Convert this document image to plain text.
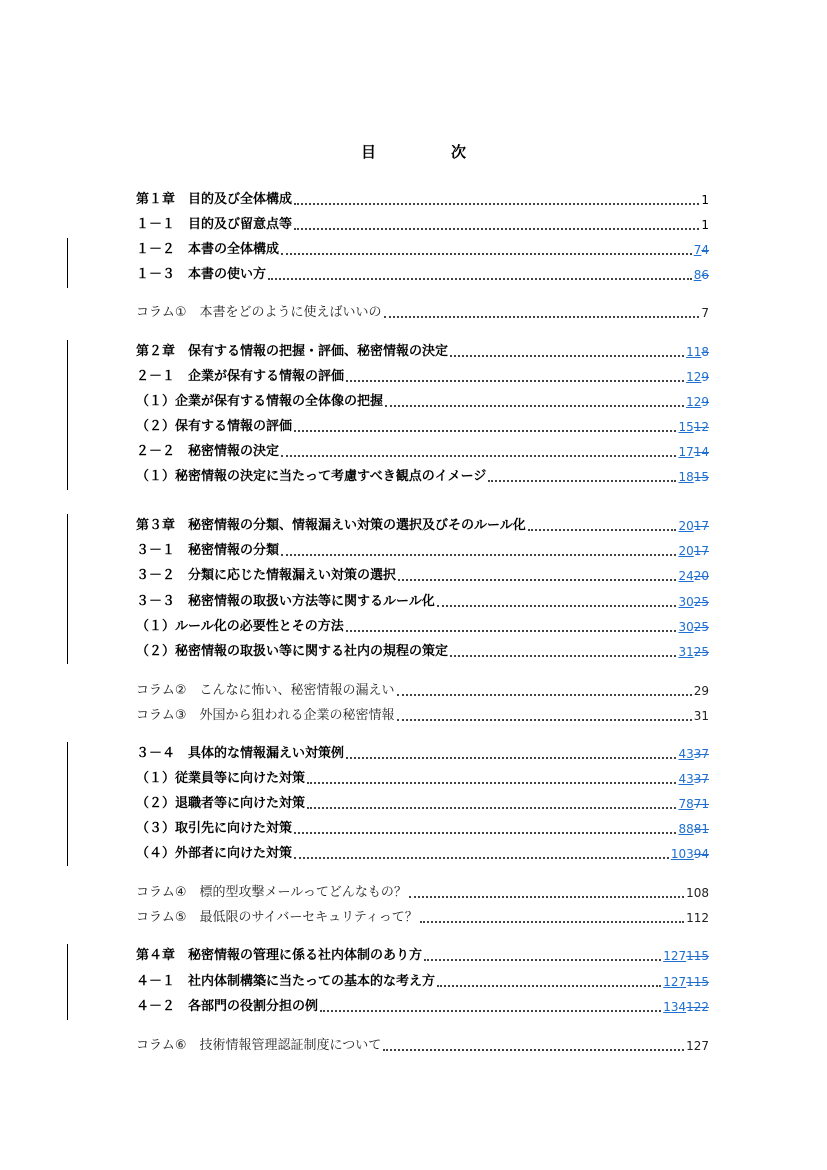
目　次
第１章　目的及び全体構成	1
１－１　目的及び留意点等	1
１－２　本書の全体構成	74
１－３　本書の使い方	86
コラム①　本書をどのように使えばいいの	7
第２章　保有する情報の把握・評価、秘密情報の決定	118
２－１　企業が保有する情報の評価	129
（１）企業が保有する情報の全体像の把握	129
（２）保有する情報の評価	1512
２－２　秘密情報の決定	1714
（１）秘密情報の決定に当たって考慮すべき観点のイメージ	1815
第３章　秘密情報の分類、情報漏えい対策の選択及びそのルール化	2017
３－１　秘密情報の分類	2017
３－２　分類に応じた情報漏えい対策の選択	2420
３－３　秘密情報の取扱い方法等に関するルール化	3025
（１）ルール化の必要性とその方法	3025
（２）秘密情報の取扱い等に関する社内の規程の策定	3125
コラム②　こんなに怖い、秘密情報の漏えい	29
コラム③　外国から狙われる企業の秘密情報	31
３－４　具体的な情報漏えい対策例	4337
（１）従業員等に向けた対策	4337
（２）退職者等に向けた対策	7871
（３）取引先に向けた対策	8881
（４）外部者に向けた対策	10394
コラム④　標的型攻撃メールってどんなもの？	108
コラム⑤　最低限のサイバーセキュリティって？	112
第４章　秘密情報の管理に係る社内体制のあり方	127115
４－１　社内体制構築に当たっての基本的な考え方	127115
４－２　各部門の役割分担の例	134122
コラム⑥　技術情報管理認証制度について	127
